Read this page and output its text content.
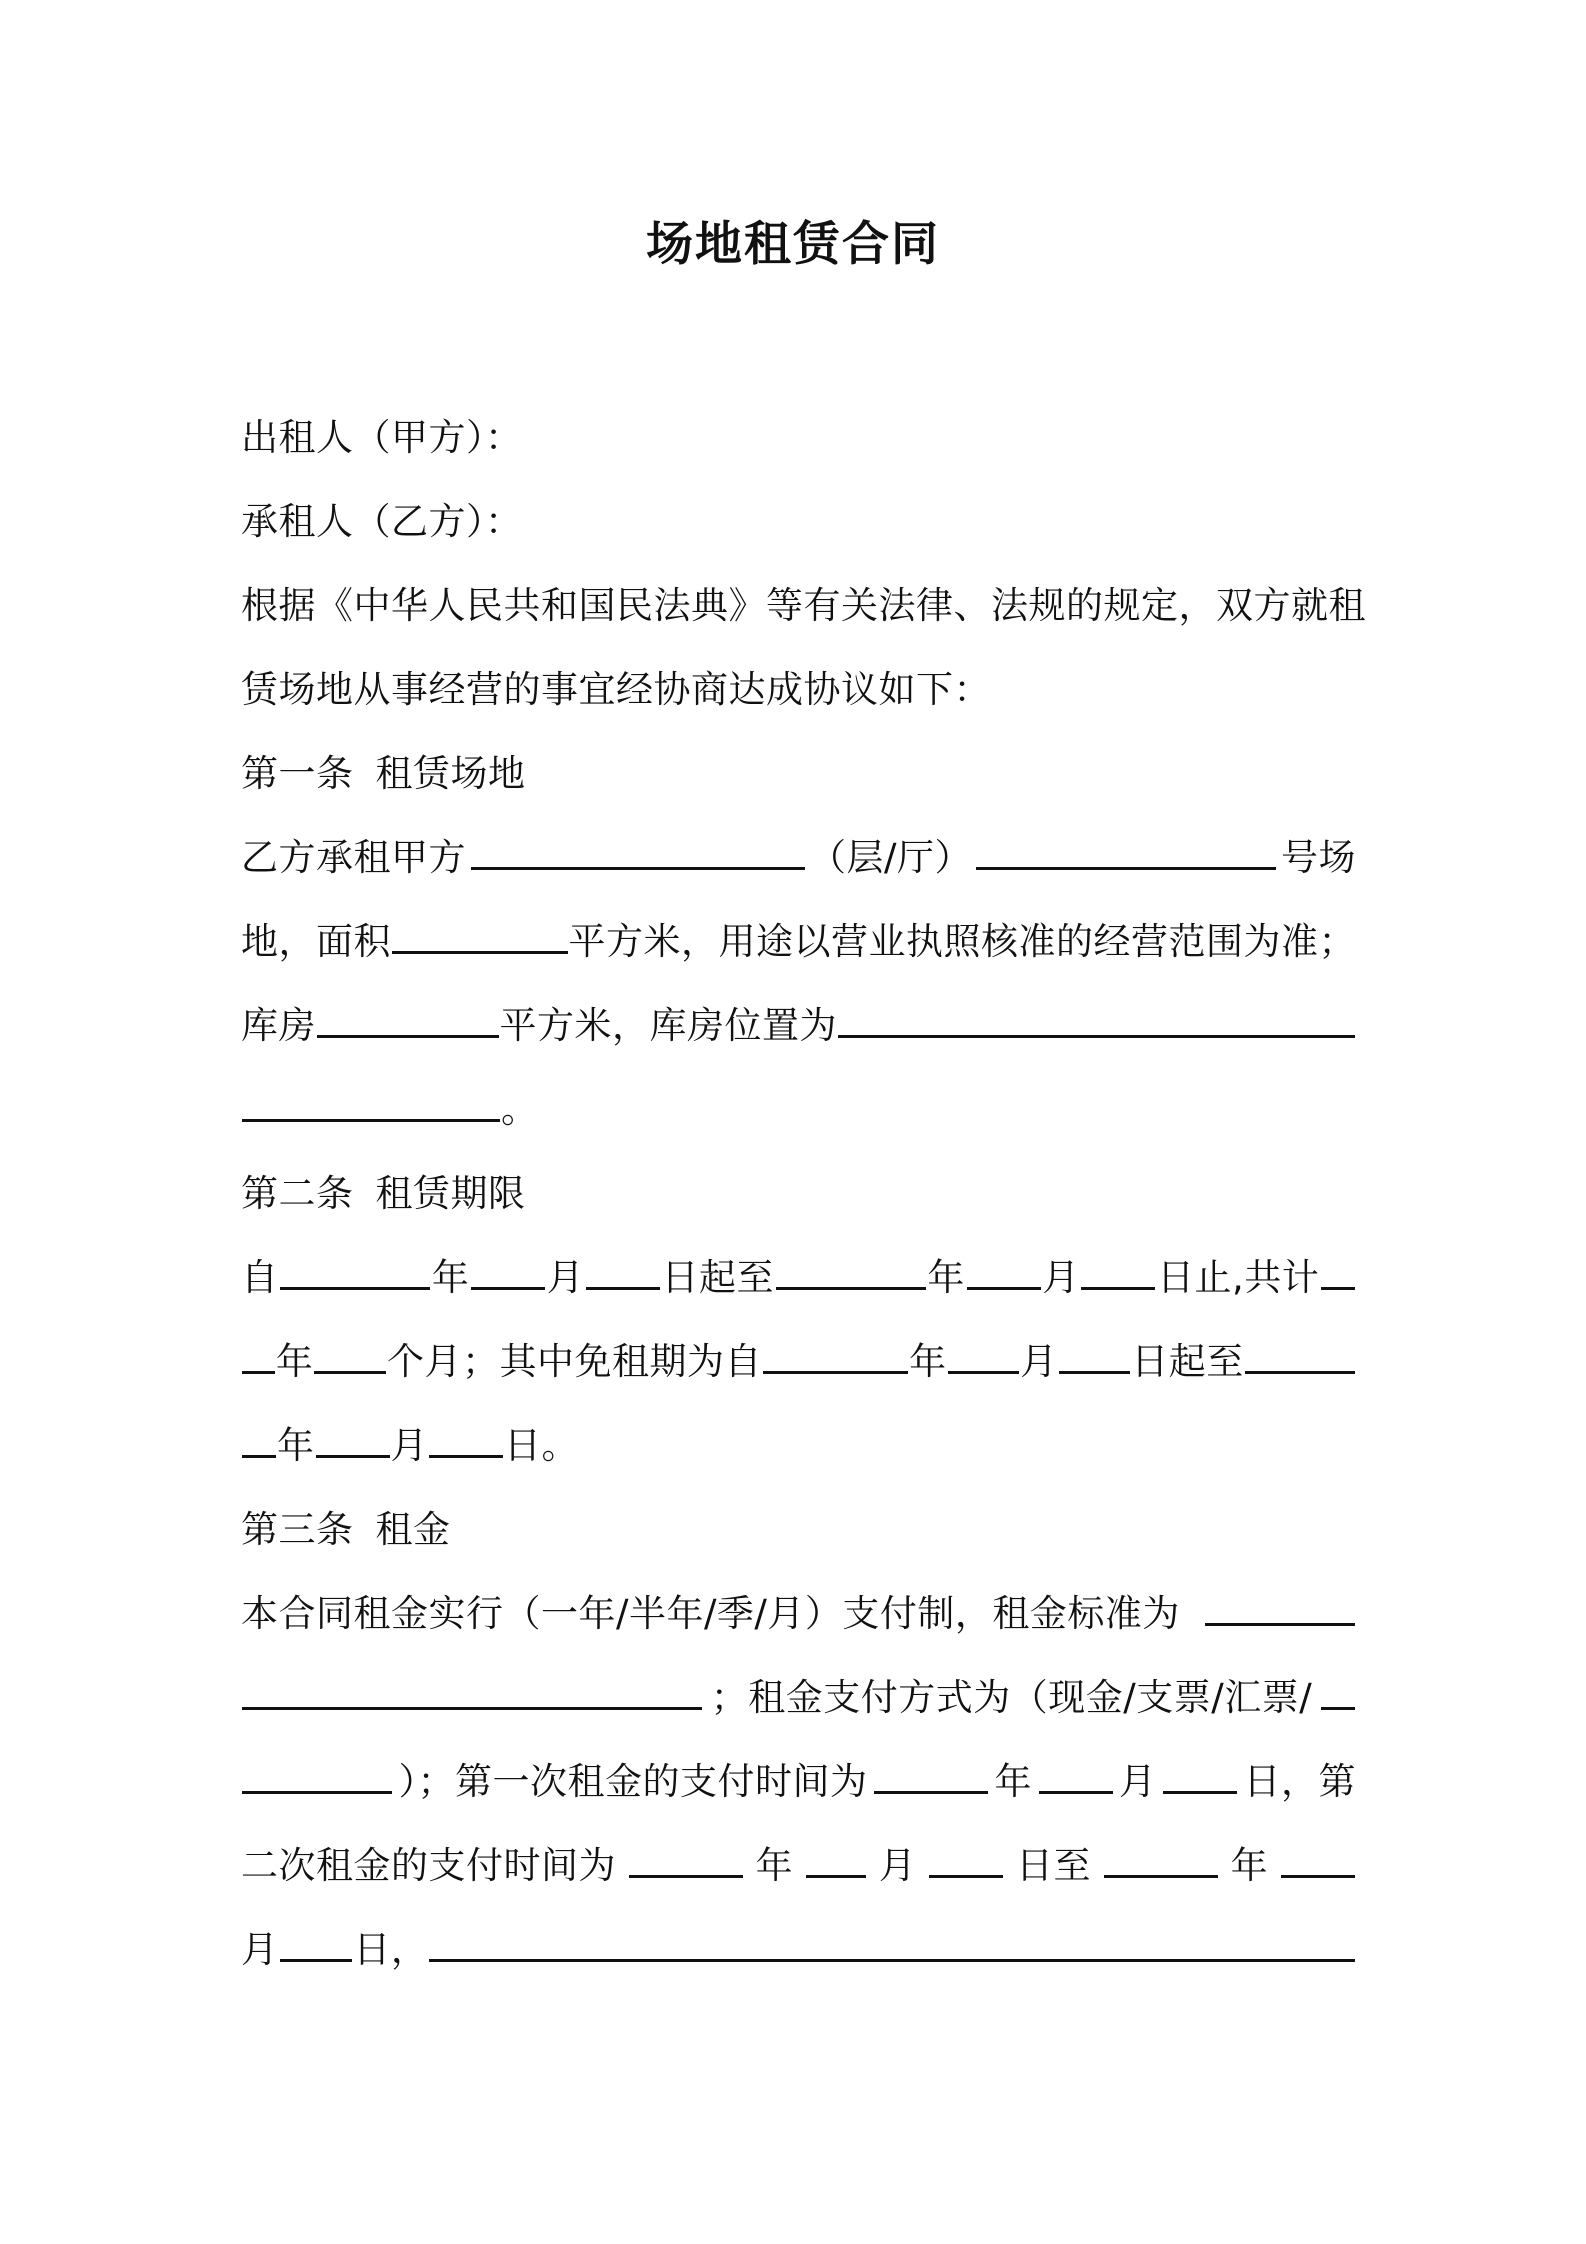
场地租赁合同
出租人（甲方）：
承租人（乙方）：
根据《中华人民共和国民法典》等有关法律、法规的规定，双方就租
赁场地从事经营的事宜经协商达成协议如下：
第一条 租赁场地
乙方承租甲方	（层/厅）	号场
地，面积	平方米，用途以营业执照核准的经营范围为准；
库房	平方米，库房位置为
。
第二条 租赁期限
自	年 月 日起至	年 月 日止,共计
年 个月；其中免租期为自	年 月 日起至
年 月 日。
第三条 租金
本合同租金实行（一年/半年/季/月）支付制，租金标准为
；租金支付方式为（现金/支票/汇票/
）；第一次租金的支付时间为	年 月 日，第
二次租金的支付时间为	年 月	日至	年
月 日，
